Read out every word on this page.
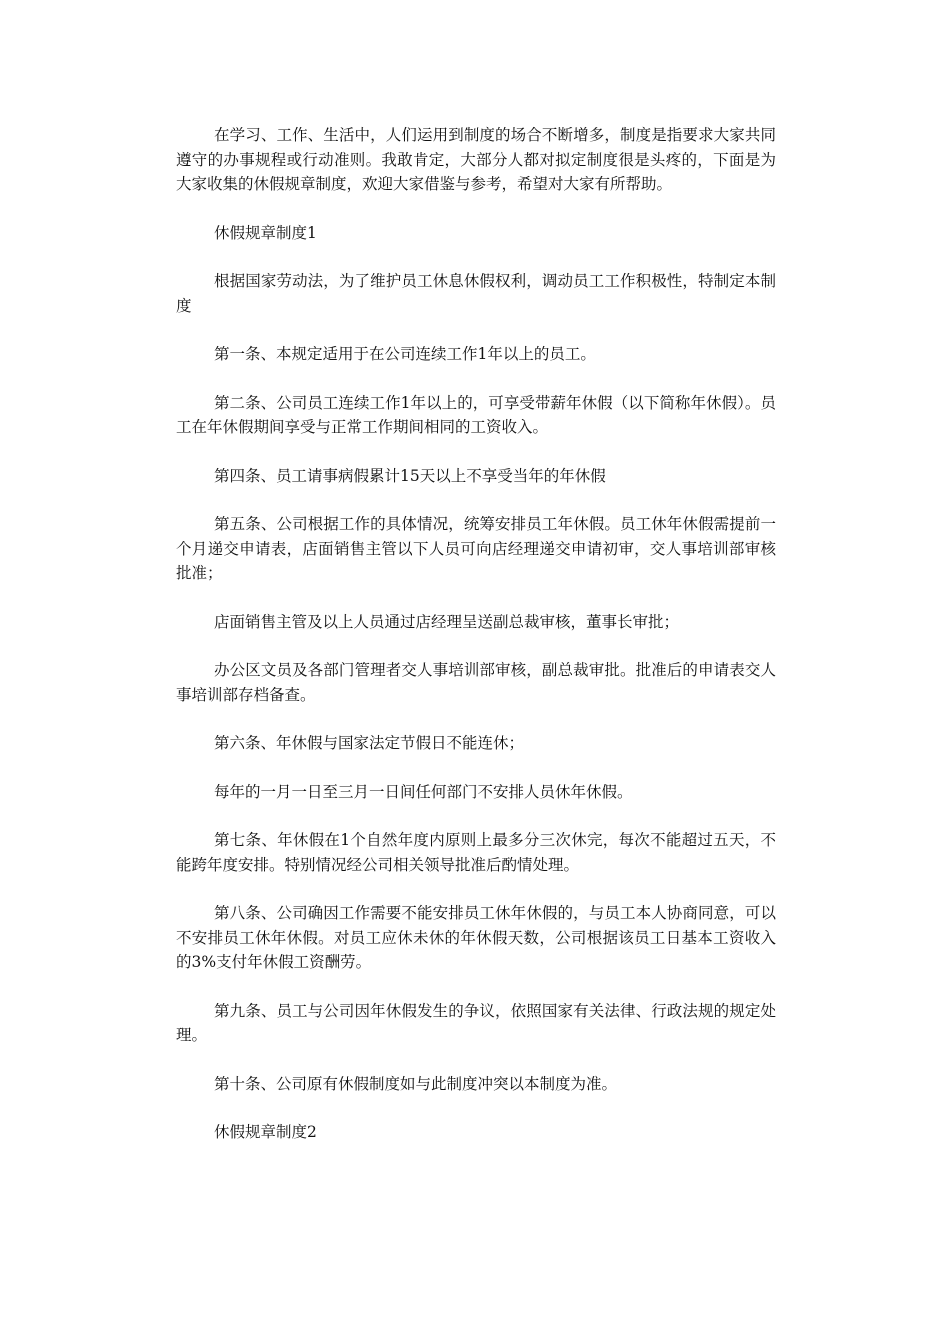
在学习、工作、生活中，人们运用到制度的场合不断增多，制度是指要求大家共同遵守的办事规程或行动准则。我敢肯定，大部分人都对拟定制度很是头疼的，下面是为大家收集的休假规章制度，欢迎大家借鉴与参考，希望对大家有所帮助。

休假规章制度1

根据国家劳动法，为了维护员工休息休假权利，调动员工工作积极性，特制定本制度

第一条、本规定适用于在公司连续工作1年以上的员工。

第二条、公司员工连续工作1年以上的，可享受带薪年休假（以下简称年休假）。员工在年休假期间享受与正常工作期间相同的工资收入。

第四条、员工请事病假累计15天以上不享受当年的年休假

第五条、公司根据工作的具体情况，统筹安排员工年休假。员工休年休假需提前一个月递交申请表，店面销售主管以下人员可向店经理递交申请初审，交人事培训部审核批准；

店面销售主管及以上人员通过店经理呈送副总裁审核，董事长审批；

办公区文员及各部门管理者交人事培训部审核，副总裁审批。批准后的申请表交人事培训部存档备查。

第六条、年休假与国家法定节假日不能连休；

每年的一月一日至三月一日间任何部门不安排人员休年休假。

第七条、年休假在1个自然年度内原则上最多分三次休完，每次不能超过五天，不能跨年度安排。特别情况经公司相关领导批准后酌情处理。

第八条、公司确因工作需要不能安排员工休年休假的，与员工本人协商同意，可以不安排员工休年休假。对员工应休未休的年休假天数，公司根据该员工日基本工资收入的3%支付年休假工资酬劳。

第九条、员工与公司因年休假发生的争议，依照国家有关法律、行政法规的规定处理。

第十条、公司原有休假制度如与此制度冲突以本制度为准。

休假规章制度2
